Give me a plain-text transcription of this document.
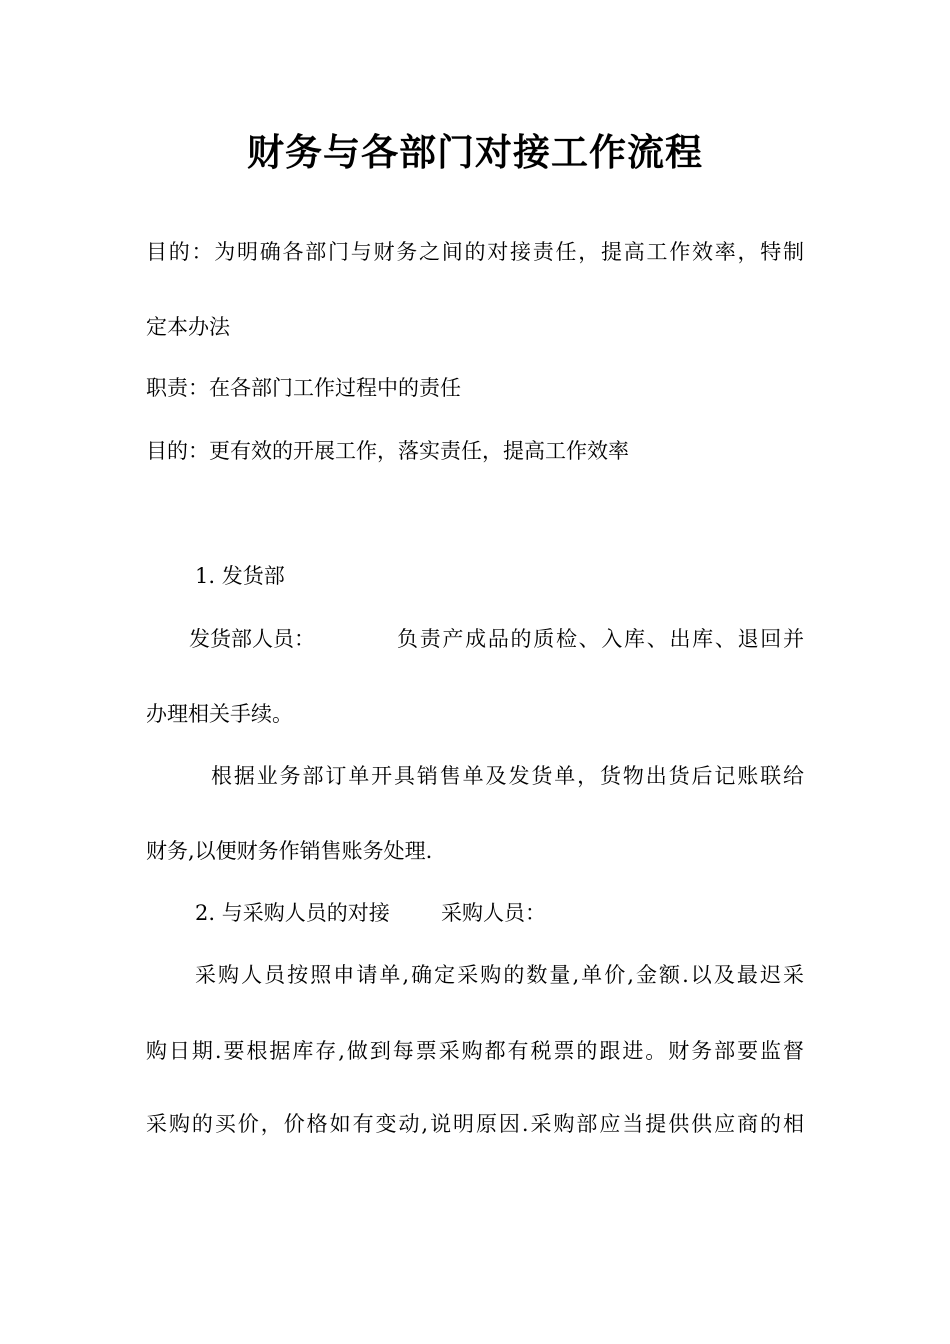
财务与各部门对接工作流程
目的：为明确各部门与财务之间的对接责任，提高工作效率，特制
定本办法
职责：在各部门工作过程中的责任
目的：更有效的开展工作，落实责任，提高工作效率
1. 发货部
发货部人员：	负责产成品的质检、入库、出库、退回并
办理相关手续。
根据业务部订单开具销售单及发货单，货物出货后记账联给
财务,以便财务作销售账务处理.
2. 与采购人员的对接 采购人员：
采购人员按照申请单,确定采购的数量,单价,金额.以及最迟采
购日期.要根据库存,做到每票采购都有税票的跟进。财务部要监督
采购的买价，价格如有变动,说明原因.采购部应当提供供应商的相
